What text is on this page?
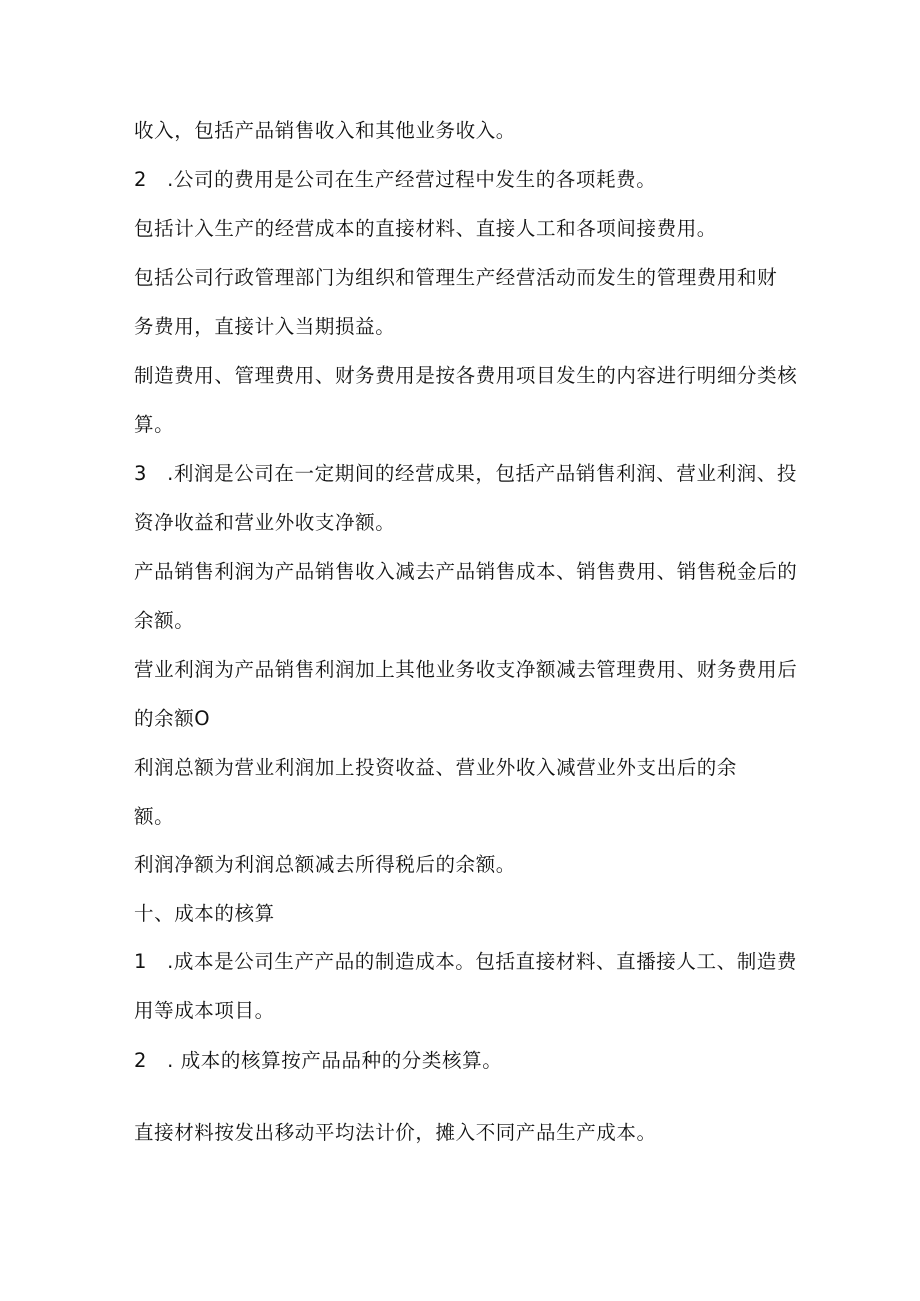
收入，包括产品销售收入和其他业务收入。
2　.公司的费用是公司在生产经营过程中发生的各项耗费。
包括计入生产的经营成本的直接材料、直接人工和各项间接费用。
包括公司行政管理部门为组织和管理生产经营活动而发生的管理费用和财
务费用，直接计入当期损益。
制造费用、管理费用、财务费用是按各费用项目发生的内容进行明细分类核
算。
3　.利润是公司在一定期间的经营成果，包括产品销售利润、营业利润、投
资净收益和营业外收支净额。
产品销售利润为产品销售收入减去产品销售成本、销售费用、销售税金后的
余额。
营业利润为产品销售利润加上其他业务收支净额减去管理费用、财务费用后
的余额O
利润总额为营业利润加上投资收益、营业外收入减营业外支出后的余
额。
利润净额为利润总额减去所得税后的余额。
十、成本的核算
1　.成本是公司生产产品的制造成本。包括直接材料、直播接人工、制造费
用等成本项目。
2　. 成本的核算按产品品种的分类核算。
直接材料按发出移动平均法计价，摊入不同产品生产成本。
